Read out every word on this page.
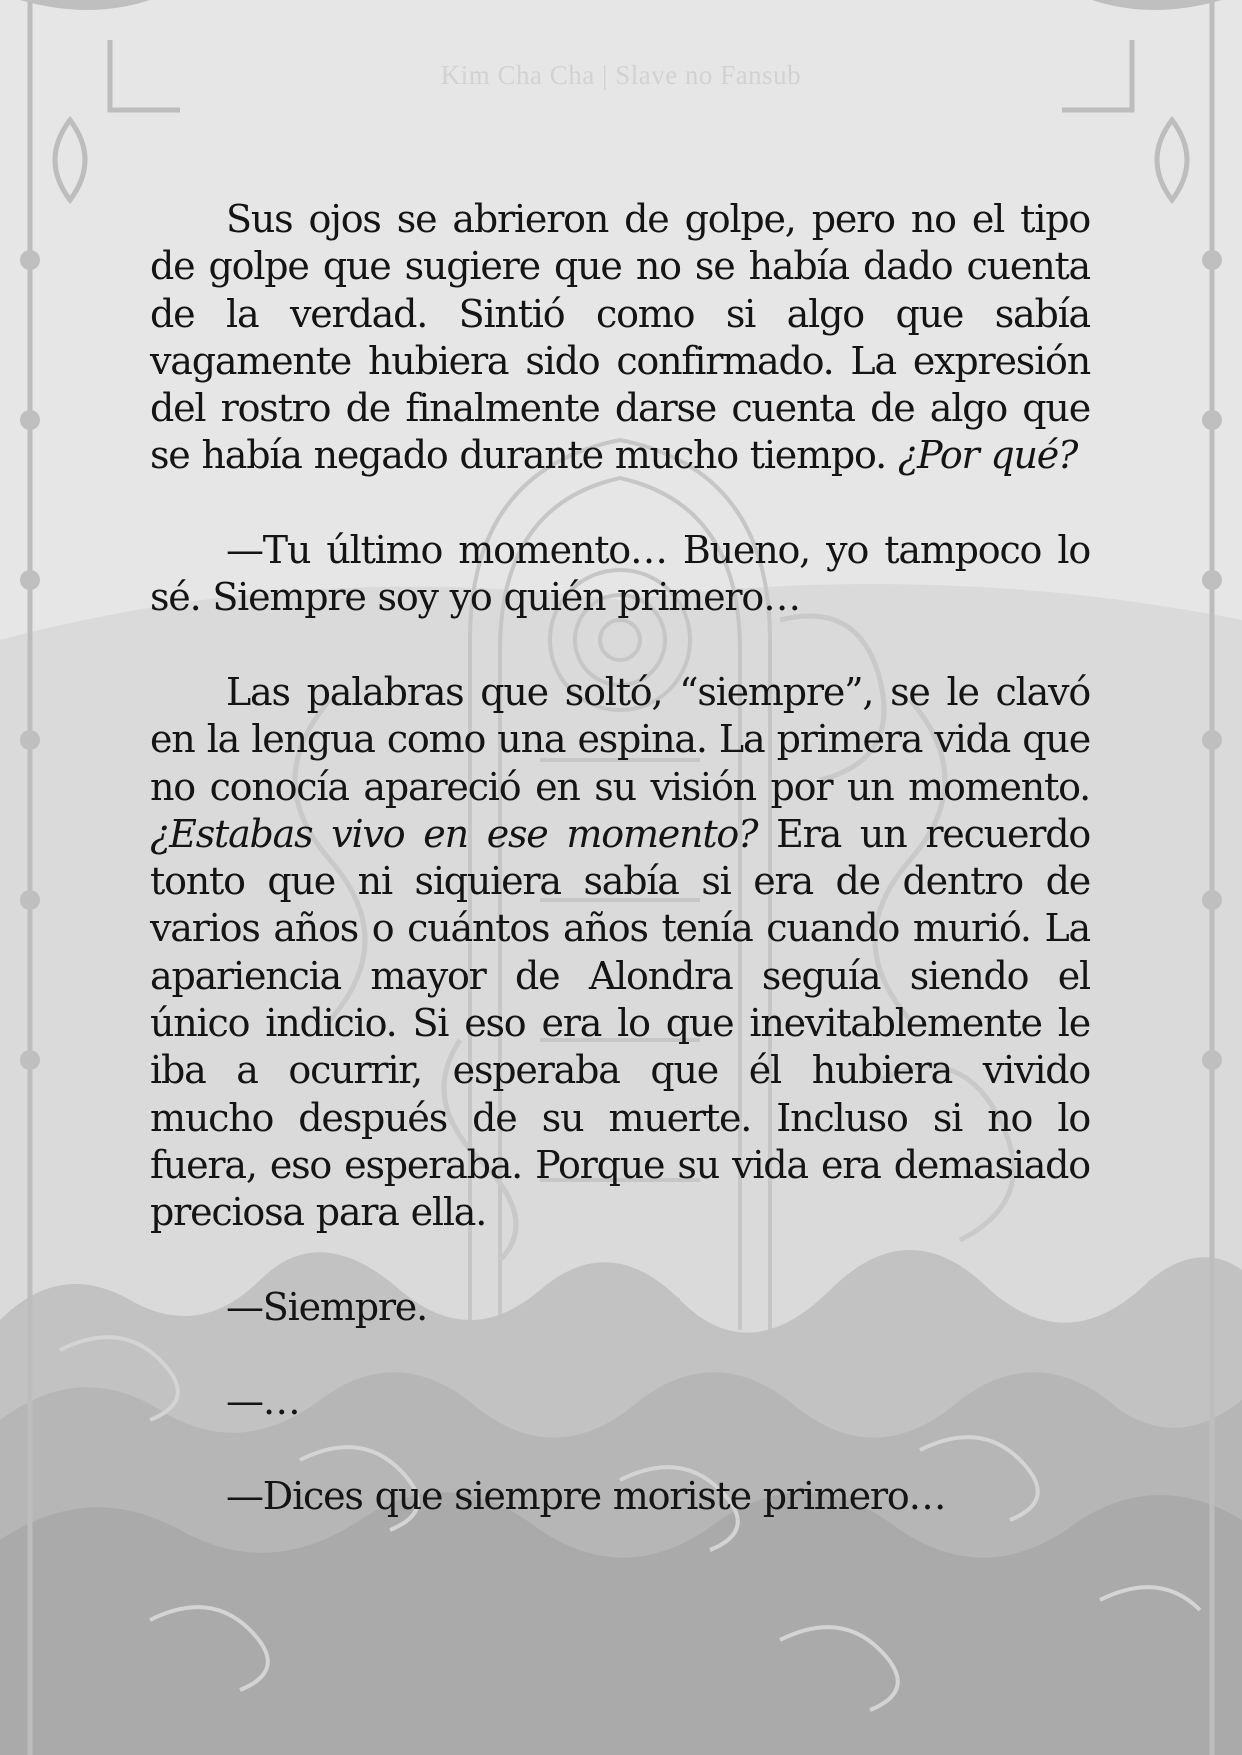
Kim Cha Cha | Slave no Fansub

Sus ojos se abrieron de golpe, pero no el tipo de golpe que sugiere que no se había dado cuenta de la verdad. Sintió como si algo que sabía vagamente hubiera sido confirmado. La expresión del rostro de finalmente darse cuenta de algo que se había negado durante mucho tiempo. ¿Por qué?

—Tu último momento… Bueno, yo tampoco lo sé. Siempre soy yo quién primero…

Las palabras que soltó, “siempre”, se le clavó en la lengua como una espina. La primera vida que no conocía apareció en su visión por un momento. ¿Estabas vivo en ese momento? Era un recuerdo tonto que ni siquiera sabía si era de dentro de varios años o cuántos años tenía cuando murió. La apariencia mayor de Alondra seguía siendo el único indicio. Si eso era lo que inevitablemente le iba a ocurrir, esperaba que él hubiera vivido mucho después de su muerte. Incluso si no lo fuera, eso esperaba. Porque su vida era demasiado preciosa para ella.

—Siempre.

—…

—Dices que siempre moriste primero…
